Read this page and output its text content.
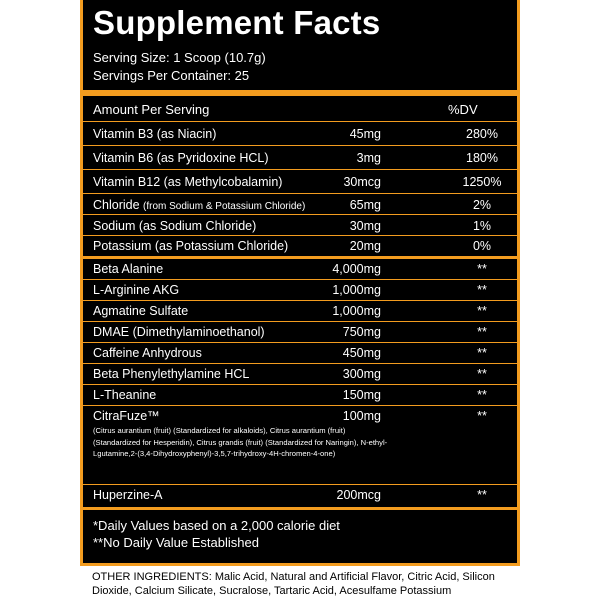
Supplement Facts
Serving Size: 1 Scoop (10.7g)
Servings Per Container: 25
Amount Per Serving	%DV
Vitamin B3 (as Niacin)	45mg	280%
Vitamin B6 (as Pyridoxine HCL)	3mg	180%
Vitamin B12 (as Methylcobalamin)	30mcg	1250%
Chloride (from Sodium & Potassium Chloride)	65mg	2%
Sodium (as Sodium Chloride)	30mg	1%
Potassium (as Potassium Chloride)	20mg	0%
Beta Alanine	4,000mg	**
L-Arginine AKG	1,000mg	**
Agmatine Sulfate	1,000mg	**
DMAE (Dimethylaminoethanol)	750mg	**
Caffeine Anhydrous	450mg	**
Beta Phenylethylamine HCL	300mg	**
L-Theanine	150mg	**
CitraFuze™	100mg	**
(Citrus aurantium (fruit) (Standardized for alkaloids), Citrus aurantium (fruit) (Standardized for Hesperidin), Citrus grandis (fruit) (Standardized for Naringin), N-ethyl-Lgutamine,2-(3,4-Dihydroxyphenyl)-3,5,7-trihydroxy-4H-chromen-4-one)
Huperzine-A	200mcg	**
*Daily Values based on a 2,000 calorie diet
**No Daily Value Established
OTHER INGREDIENTS: Malic Acid, Natural and Artificial Flavor, Citric Acid, Silicon Dioxide, Calcium Silicate, Sucralose, Tartaric Acid, Acesulfame Potassium
